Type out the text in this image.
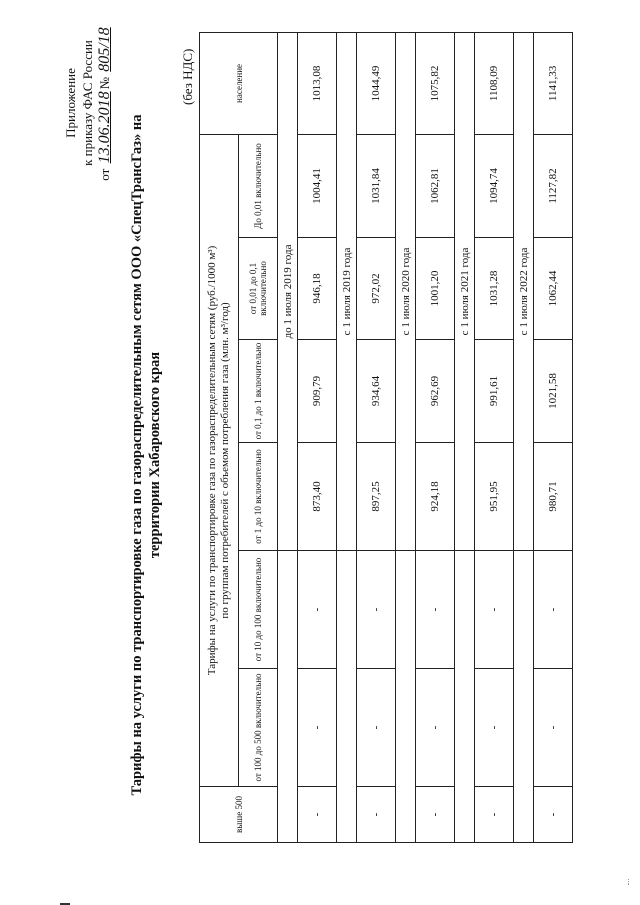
Приложение к приказу ФАС России
от 13.06.2018№ 805/18
Тарифы на услуги по транспортировке газа по газораспределительным сетям ООО «СпецТрансГаз» на территории Хабаровского края
(без НДС)
выше 500	Тарифы на услуги по транспортировке газа по газораспределительным сетям (руб./1000 м³) по группам потребителей с объемом потребления газа (млн. м³/год)						население
	от 100 до 500 включительно	от 10 до 100 включительно	от 1 до 10 включительно	от 0,1 до 1 включительно	от 0,01 до 0,1 включительно	До 0,01 включительно	
			до 1 июля 2019 года				
-	-	-	873,40	909,79	946,18	1004,41	1013,08
			с 1 июля 2019 года				
-	-	-	897,25	934,64	972,02	1031,84	1044,49
			с 1 июля 2020 года				
-	-	-	924,18	962,69	1001,20	1062,81	1075,82
			с 1 июля 2021 года				
-	-	-	951,95	991,61	1031,28	1094,74	1108,09
			с 1 июля 2022 года				
-	-	-	980,71	1021,58	1062,44	1127,82	1141,33
